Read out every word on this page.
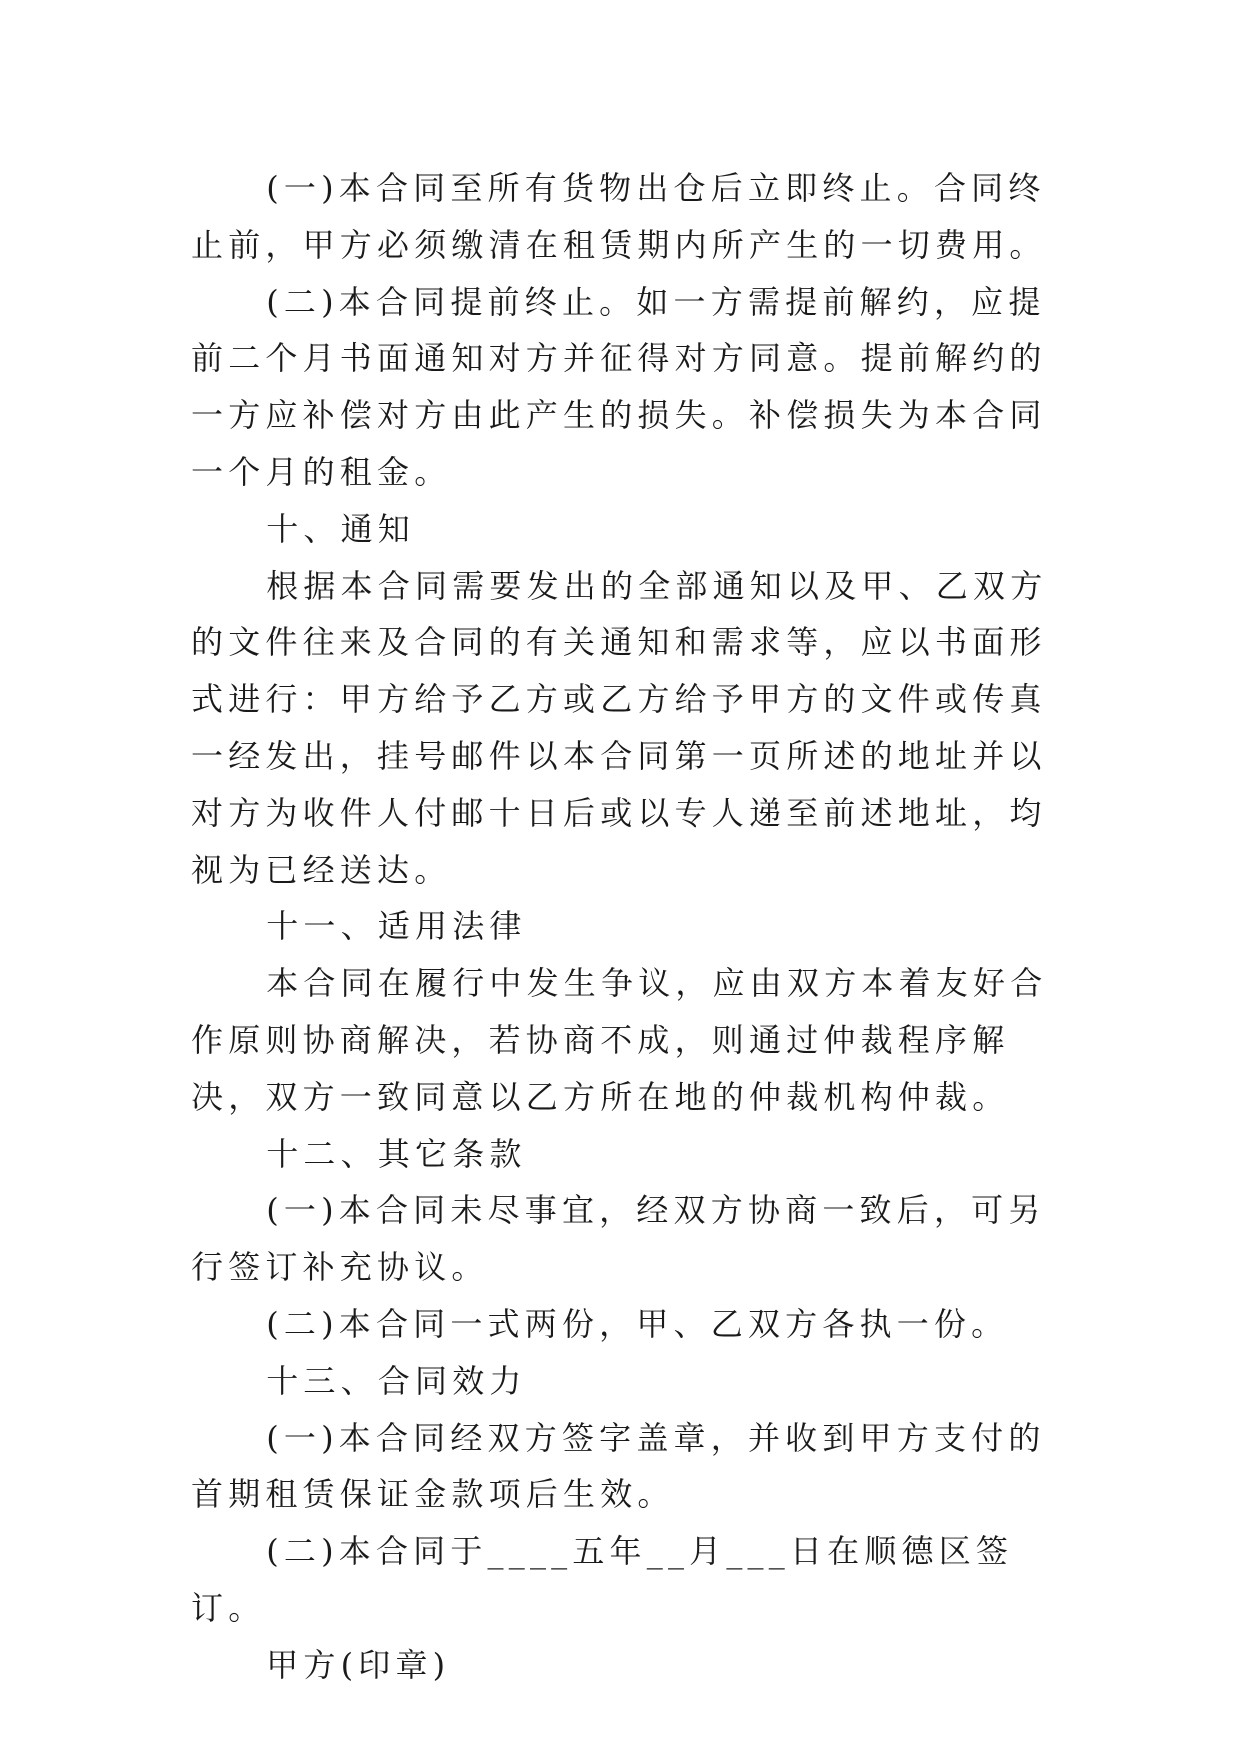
(一)本合同至所有货物出仓后立即终止。合同终止前，甲方必须缴清在租赁期内所产生的一切费用。

(二)本合同提前终止。如一方需提前解约，应提前二个月书面通知对方并征得对方同意。提前解约的一方应补偿对方由此产生的损失。补偿损失为本合同一个月的租金。

十、通知

根据本合同需要发出的全部通知以及甲、乙双方的文件往来及合同的有关通知和需求等，应以书面形式进行：甲方给予乙方或乙方给予甲方的文件或传真一经发出，挂号邮件以本合同第一页所述的地址并以对方为收件人付邮十日后或以专人递至前述地址，均视为已经送达。

十一、适用法律

本合同在履行中发生争议，应由双方本着友好合作原则协商解决，若协商不成，则通过仲裁程序解决，双方一致同意以乙方所在地的仲裁机构仲裁。

十二、其它条款

(一)本合同未尽事宜，经双方协商一致后，可另行签订补充协议。

(二)本合同一式两份，甲、乙双方各执一份。

十三、合同效力

(一)本合同经双方签字盖章，并收到甲方支付的首期租赁保证金款项后生效。

(二)本合同于____五年__月___日在顺德区签订。

甲方(印章)
